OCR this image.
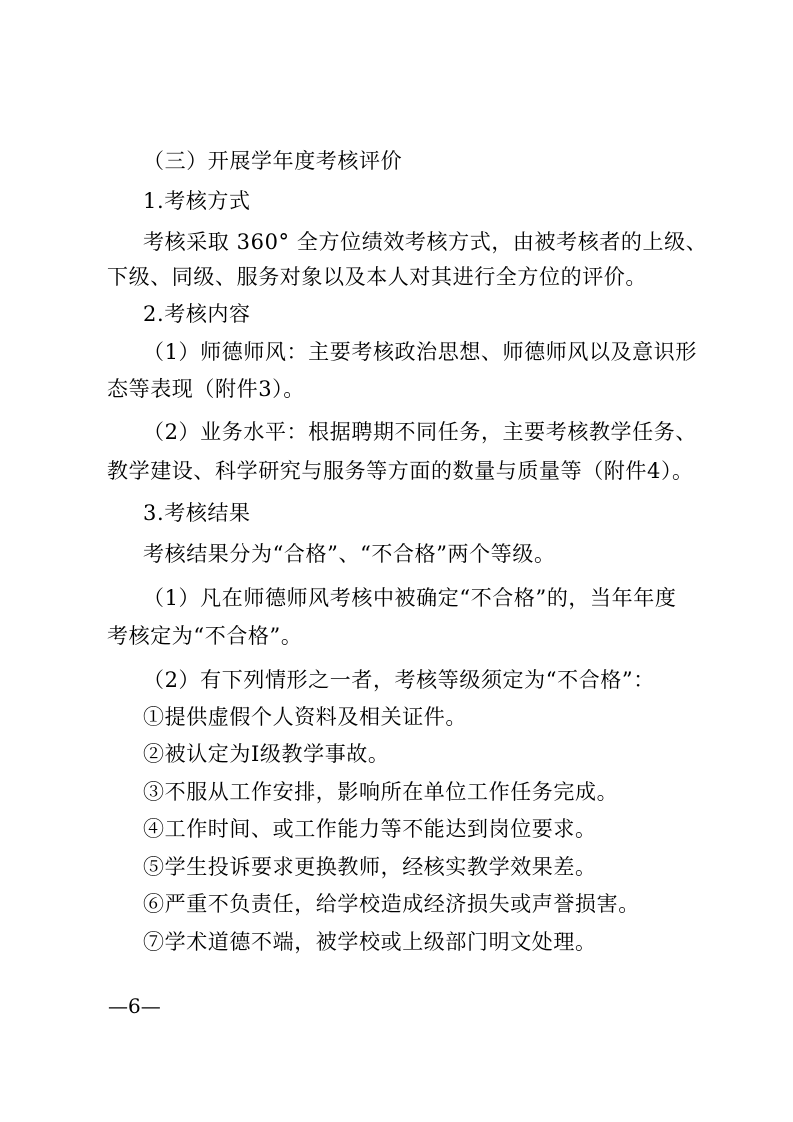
（三）开展学年度考核评价
1.考核方式
考核采取 360° 全方位绩效考核方式，由被考核者的上级、
下级、同级、服务对象以及本人对其进行全方位的评价。
2.考核内容
（1）师德师风：主要考核政治思想、师德师风以及意识形
态等表现（附件3）。
（2）业务水平：根据聘期不同任务，主要考核教学任务、
教学建设、科学研究与服务等方面的数量与质量等（附件4）。
3.考核结果
考核结果分为“合格”、“不合格”两个等级。
（1）凡在师德师风考核中被确定“不合格”的，当年年度
考核定为“不合格”。
（2）有下列情形之一者，考核等级须定为“不合格”：
①提供虚假个人资料及相关证件。
②被认定为Ⅰ级教学事故。
③不服从工作安排，影响所在单位工作任务完成。
④工作时间、或工作能力等不能达到岗位要求。
⑤学生投诉要求更换教师，经核实教学效果差。
⑥严重不负责任，给学校造成经济损失或声誉损害。
⑦学术道德不端，被学校或上级部门明文处理。
—6—
